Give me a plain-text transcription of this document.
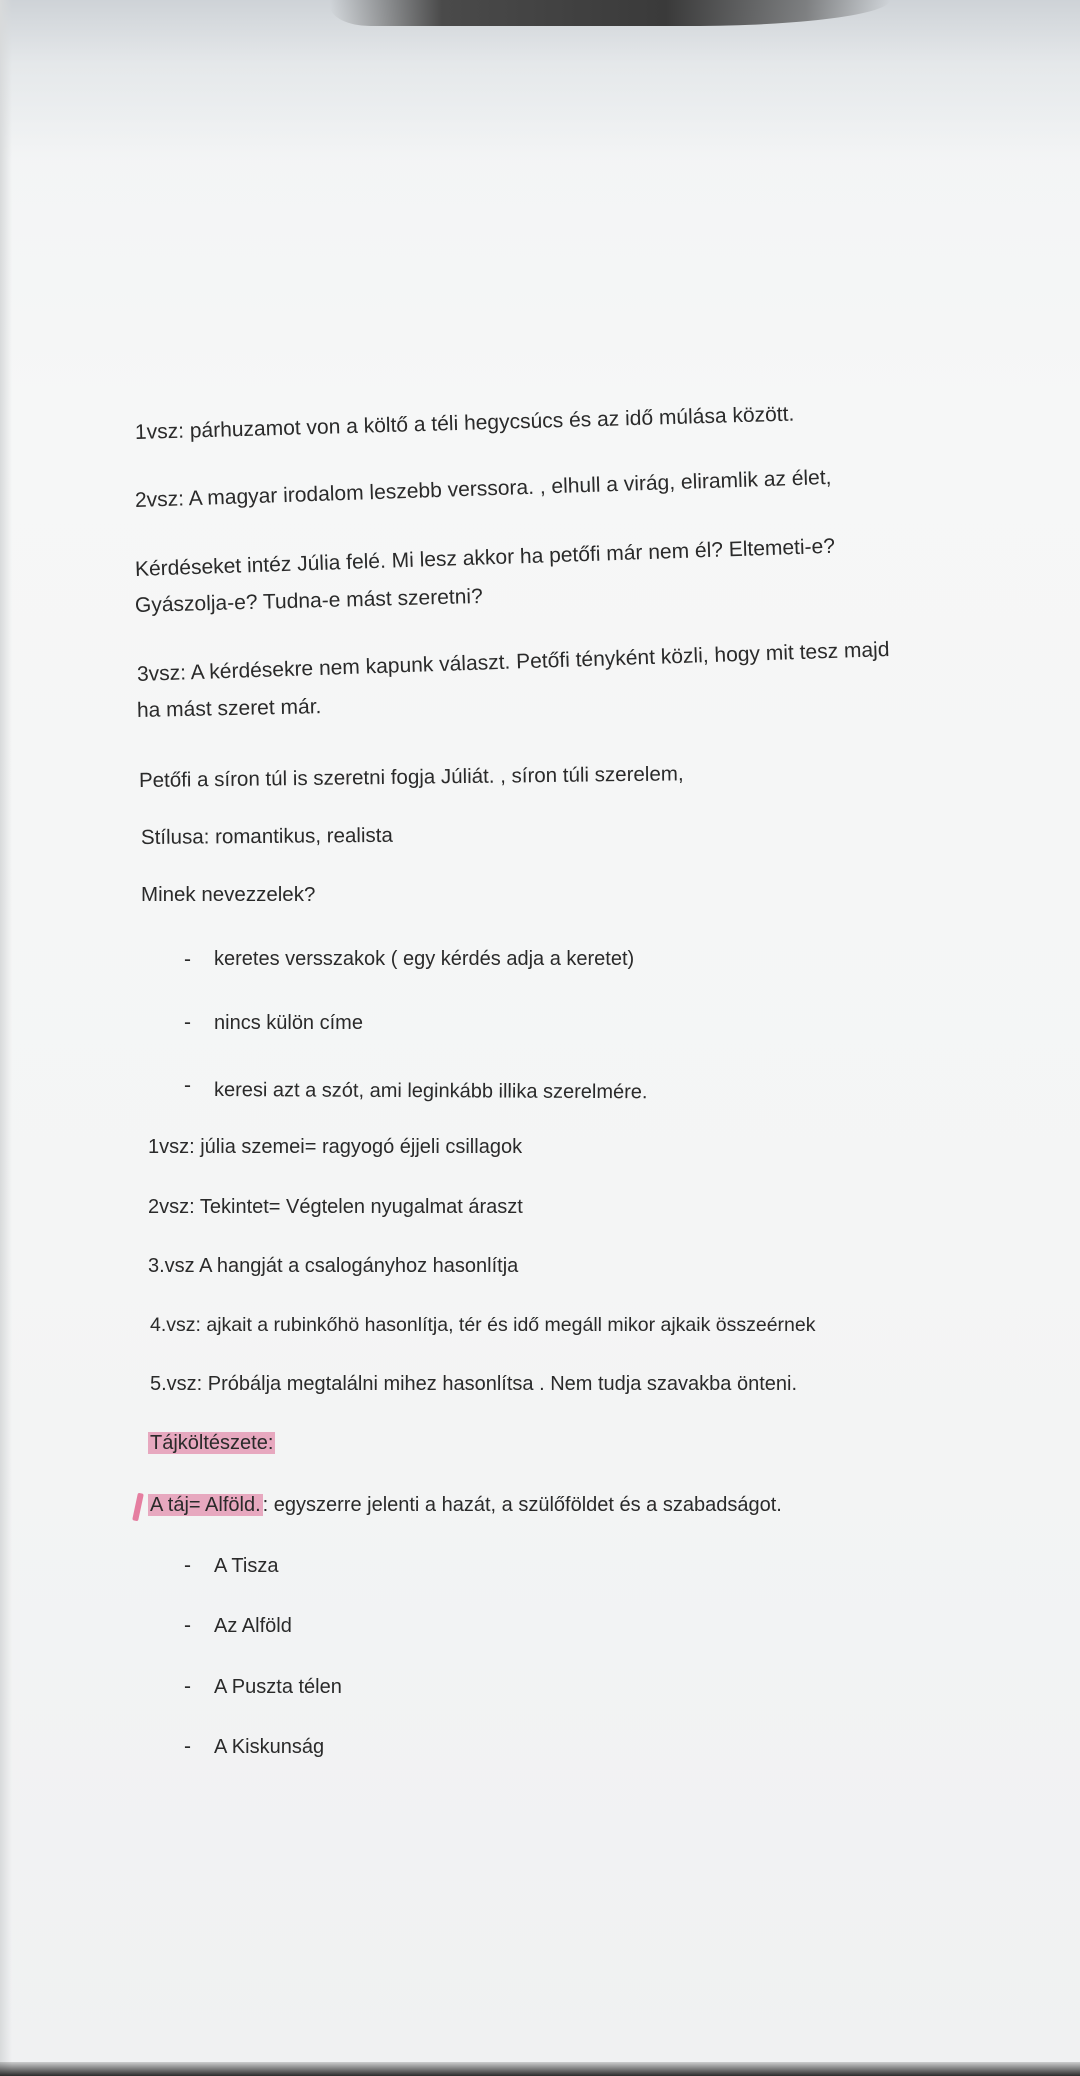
1vsz: párhuzamot von a költő a téli hegycsúcs és az idő múlása között.
2vsz: A magyar irodalom leszebb verssora. , elhull a virág, eliramlik az élet,
Kérdéseket intéz Júlia felé. Mi lesz akkor ha petőfi már nem él? Eltemeti-e?
Gyászolja-e? Tudna-e mást szeretni?
3vsz: A kérdésekre nem kapunk választ. Petőfi tényként közli, hogy mit tesz majd
ha mást szeret már.
Petőfi a síron túl is szeretni fogja Júliát. , síron túli szerelem,
Stílusa: romantikus, realista
Minek nevezzelek?
- keretes versszakok ( egy kérdés adja a keretet)
- nincs külön címe
- keresi azt a szót, ami leginkább illika szerelmére.
1vsz: júlia szemei= ragyogó éjjeli csillagok
2vsz: Tekintet= Végtelen nyugalmat áraszt
3.vsz A hangját a csalogányhoz hasonlítja
4.vsz: ajkait a rubinkőhö hasonlítja, tér és idő megáll mikor ajkaik összeérnek
5.vsz: Próbálja megtalálni mihez hasonlítsa . Nem tudja szavakba önteni.
Tájköltészete:
A táj= Alföld. : egyszerre jelenti a hazát, a szülőföldet és a szabadságot.
- A Tisza
- Az Alföld
- A Puszta télen
- A Kiskunság
